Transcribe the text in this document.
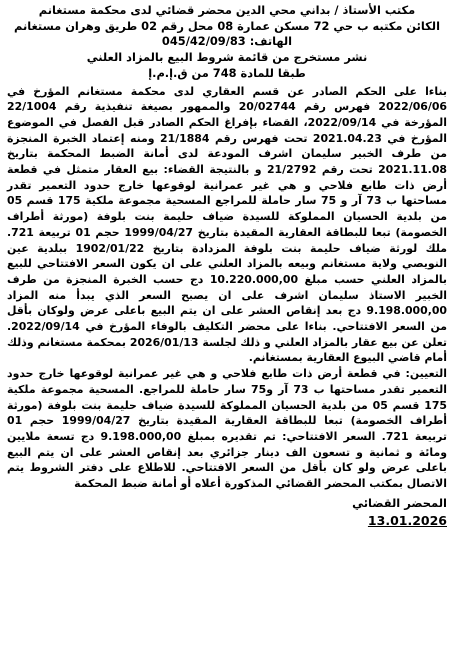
مكتب الأستاذ / بداني محي الدين محضر قضائي لدى محكمة مستغانم
الكائن مكتبه ب حي 72 مسكن عمارة 08 محل رقم 02 طريق وهران مستغانم
الهاتف: 045/42/09/83
نشر مستخرج من قائمة شروط البيع بالمزاد العلني
طبقا للمادة 748 من ق.إ.م.إ

بناءا على الحكم الصادر عن قسم العقاري لدى محكمة مستغانم المؤرخ في 2022/06/06 فهرس رقم 20/02744 والممهور بصيغة تنفيذية رقم 22/1004 المؤرخة في 2022/09/14، القضاء بإفراغ الحكم الصادر قبل الفصل في الموضوع المؤرخ في 2021.04.23 تحت فهرس رقم 21/1884 ومنه إعتماد الخبرة المنجزة من طرف الخبير سليمان اشرف المودعة لدى أمانة الضبط المحكمة بتاريخ 2021.11.08 تحت رقم 21/2792 و بالنتيجة القضاء: بيع العقار متمثل في قطعة أرض ذات طابع فلاحي و هي غير عمرانية لوقوعها خارج حدود التعمير تقدر مساحتها ب 73 آر و 75 سار حاملة للمراجع المسحية مجموعة ملكية 175 قسم 05 من بلدية الحسيان المملوكة للسيدة ضياف حليمة بنت بلوفة (مورثة أطراف الخصومة) تبعا للبطاقة العقارية المقيدة بتاريخ 1999/04/27 حجم 01 تربيعة 721. ملك لورثة ضياف حليمة بنت بلوفة المزدادة بتاريخ 1902/01/22 ببلدية عين النويصي ولاية مستغانم وبيعه بالمزاد العلني على ان يكون السعر الافتتاحي للبيع بالمزاد العلني حسب مبلغ 10.220.000,00 دج حسب الخبرة المنجزة من طرف الخبير الاستاذ سليمان اشرف على ان يصبح السعر الذي يبدأ منه المزاد 9.198.000,00 دج بعد إنقاص العشر على ان يتم البيع باعلى عرض ولوكان بأقل من السعر الافتتاحي. بناءا على محضر التكليف بالوفاء المؤرخ في 2022/09/14. تعلن عن بيع عقار بالمزاد العلني و ذلك لجلسة 2026/01/13 بمحكمة مستغانم وذلك أمام قاضي البيوع العقارية بمستغانم.

التعيين: في قطعة أرض ذات طابع فلاحي و هي غير عمرانية لوقوعها خارج حدود التعمير تقدر مساحتها ب 73 آر و75 سار حاملة للمراجع. المسحية مجموعة ملكية 175 قسم 05 من بلدية الحسيان المملوكة للسيدة ضياف حليمة بنت بلوفة (مورثة أطراف الخصومة) تبعا للبطاقة العقارية المقيدة بتاريخ 1999/04/27 حجم 01 تربيعة 721. السعر الافتتاحي: تم تقديره بمبلغ 9.198.000,00 دج تسعة ملايين ومائة و ثمانية و تسعون الف دينار جزائري بعد إنقاص العشر على ان يتم البيع باعلى عرض ولو كان بأقل من السعر الافتتاحي. للاطلاع على دفتر الشروط يتم الاتصال بمكتب المحضر القضائي المذكورة أعلاه أو أمانة ضبط المحكمة

المحضر القضائي
13.01.2026
